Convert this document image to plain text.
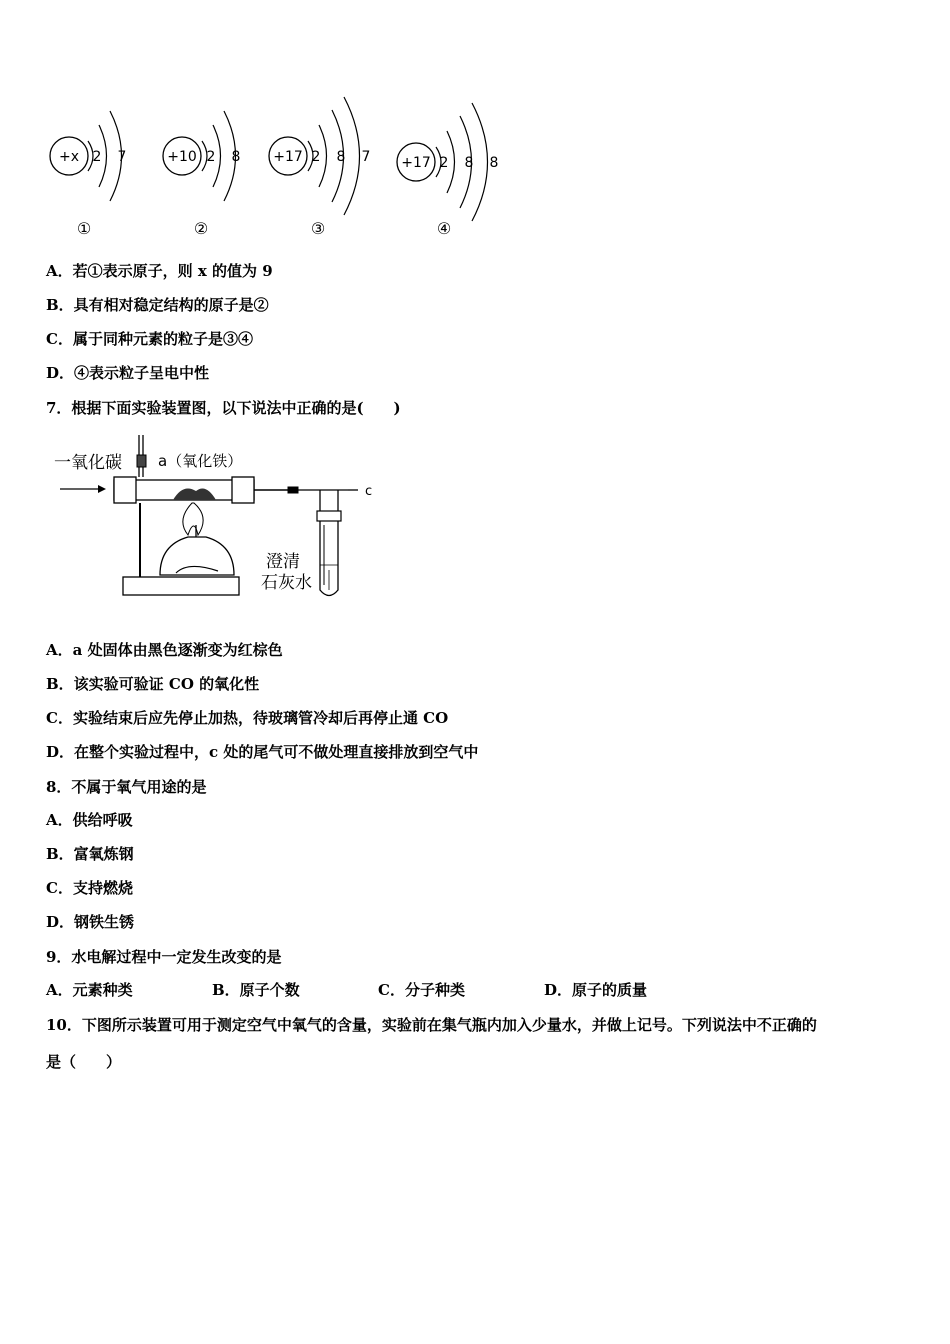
+x 2 7
①
+10 2 8
②
+17 2 8 7
③
+17 2 8 8
④
A．若①表示原子，则 x 的值为 9
B．具有相对稳定结构的原子是②
C．属于同种元素的粒子是③④
D．④表示粒子呈电中性
7．根据下面实验装置图，以下说法中正确的是(　　)
一氧化碳 a（氧化铁）
c
澄清
石灰水
A．a 处固体由黑色逐渐变为红棕色
B．该实验可验证 CO 的氧化性
C．实验结束后应先停止加热，待玻璃管冷却后再停止通 CO
D．在整个实验过程中，c 处的尾气可不做处理直接排放到空气中
8．不属于氧气用途的是
A．供给呼吸
B．富氧炼钢
C．支持燃烧
D．钢铁生锈
9．水电解过程中一定发生改变的是
A．元素种类	B．原子个数	C．分子种类	D．原子的质量
10．下图所示装置可用于测定空气中氧气的含量，实验前在集气瓶内加入少量水，并做上记号。下列说法中不正确的
是（　　）
